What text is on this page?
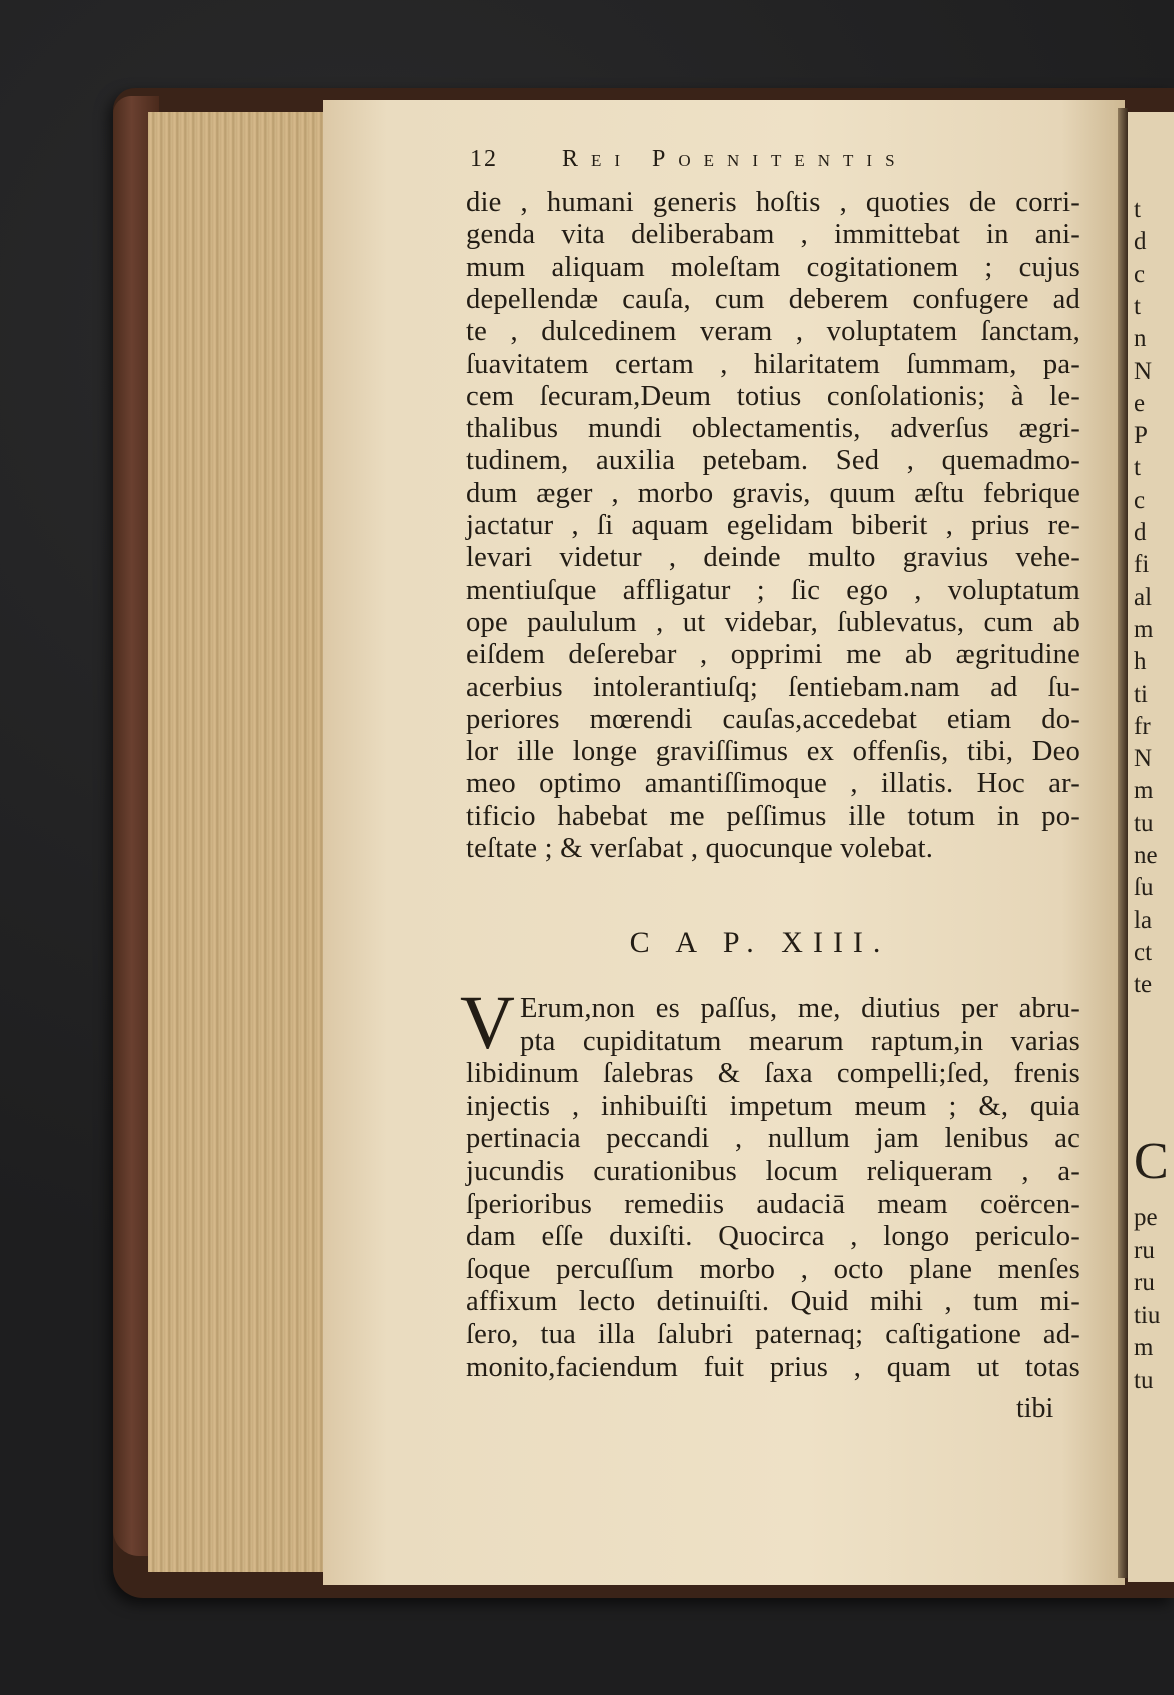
t
d
c
t
n
N
e
P
t
c
d
fi
al
m
h
ti
fr
N
m
tu
ne
ſu
la
ct
te
C
pe
ru
ru
tiu
m
tu
12	Rei Poenitentis
die , humani generis hoſtis , quoties de corri-
genda vita deliberabam , immittebat in ani-
mum aliquam moleſtam cogitationem ; cujus
depellendæ cauſa, cum deberem confugere ad
te , dulcedinem veram , voluptatem ſanctam,
ſuavitatem certam , hilaritatem ſummam, pa-
cem ſecuram,Deum totius conſolationis; à le-
thalibus mundi oblectamentis, adverſus ægri-
tudinem, auxilia petebam. Sed , quemadmo-
dum æger , morbo gravis, quum æſtu febrique
jactatur , ſi aquam egelidam biberit , prius re-
levari videtur , deinde multo gravius vehe-
mentiuſque affligatur ; ſic ego , voluptatum
ope paululum , ut videbar, ſublevatus, cum ab
eiſdem deſerebar , opprimi me ab ægritudine
acerbius intolerantiuſq; ſentiebam.nam ad ſu-
periores mœrendi cauſas,accedebat etiam do-
lor ille longe graviſſimus ex offenſis, tibi, Deo
meo optimo amantiſſimoque , illatis. Hoc ar-
tificio habebat me peſſimus ille totum in po-
teſtate ; & verſabat , quocunque volebat.
C A P. XIII.
V Erum,non es paſſus, me, diutius per abru-
pta cupiditatum mearum raptum,in varias
libidinum ſalebras & ſaxa compelli;ſed, frenis
injectis , inhibuiſti impetum meum ; &, quia
pertinacia peccandi , nullum jam lenibus ac
jucundis curationibus locum reliqueram , a-
ſperioribus remediis audaciā meam coërcen-
dam eſſe duxiſti. Quocirca , longo periculo-
ſoque percuſſum morbo , octo plane menſes
affixum lecto detinuiſti. Quid mihi , tum mi-
ſero, tua illa ſalubri paternaq; caſtigatione ad-
monito,faciendum fuit prius , quam ut totas
tibi
